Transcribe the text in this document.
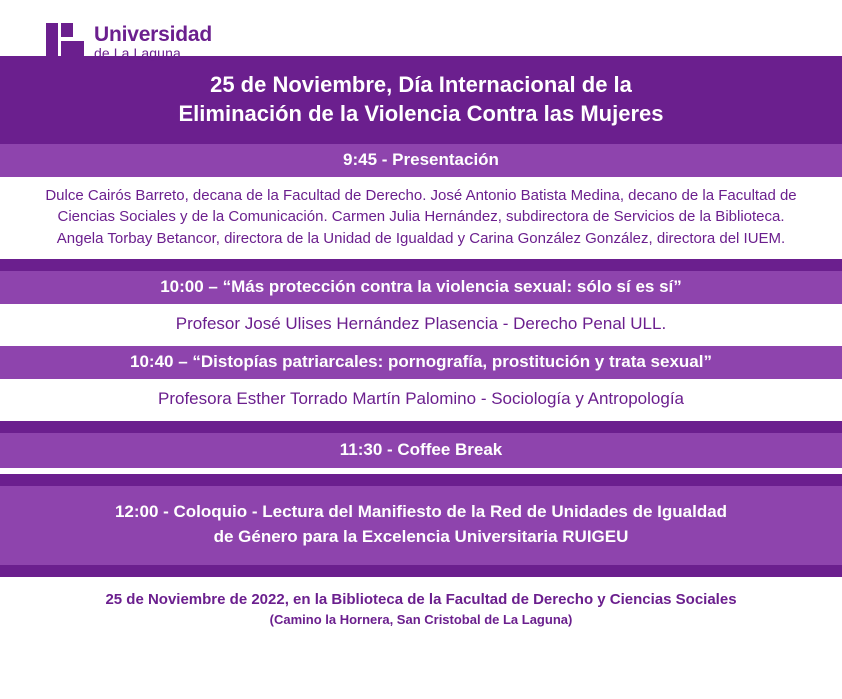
Universidad
de La Laguna
25 de Noviembre, Día Internacional de la
Eliminación de la Violencia Contra las Mujeres
9:45 - Presentación
Dulce Cairós Barreto, decana de la Facultad de Derecho. José Antonio Batista Medina, decano de la Facultad de
Ciencias Sociales y de la Comunicación. Carmen Julia Hernández, subdirectora de Servicios de la Biblioteca.
Angela Torbay Betancor, directora de la Unidad de Igualdad y Carina González González, directora del IUEM.
10:00 – “Más protección contra la violencia sexual: sólo sí es sí”
Profesor José Ulises Hernández Plasencia - Derecho Penal ULL.
10:40 – “Distopías patriarcales: pornografía, prostitución y trata sexual”
Profesora Esther Torrado Martín Palomino - Sociología y Antropología
11:30 - Coffee Break
12:00 - Coloquio - Lectura del Manifiesto de la Red de Unidades de Igualdad
de Género para la Excelencia Universitaria RUIGEU
25 de Noviembre de 2022, en la Biblioteca de la Facultad de Derecho y Ciencias Sociales
(Camino la Hornera, San Cristobal de La Laguna)
